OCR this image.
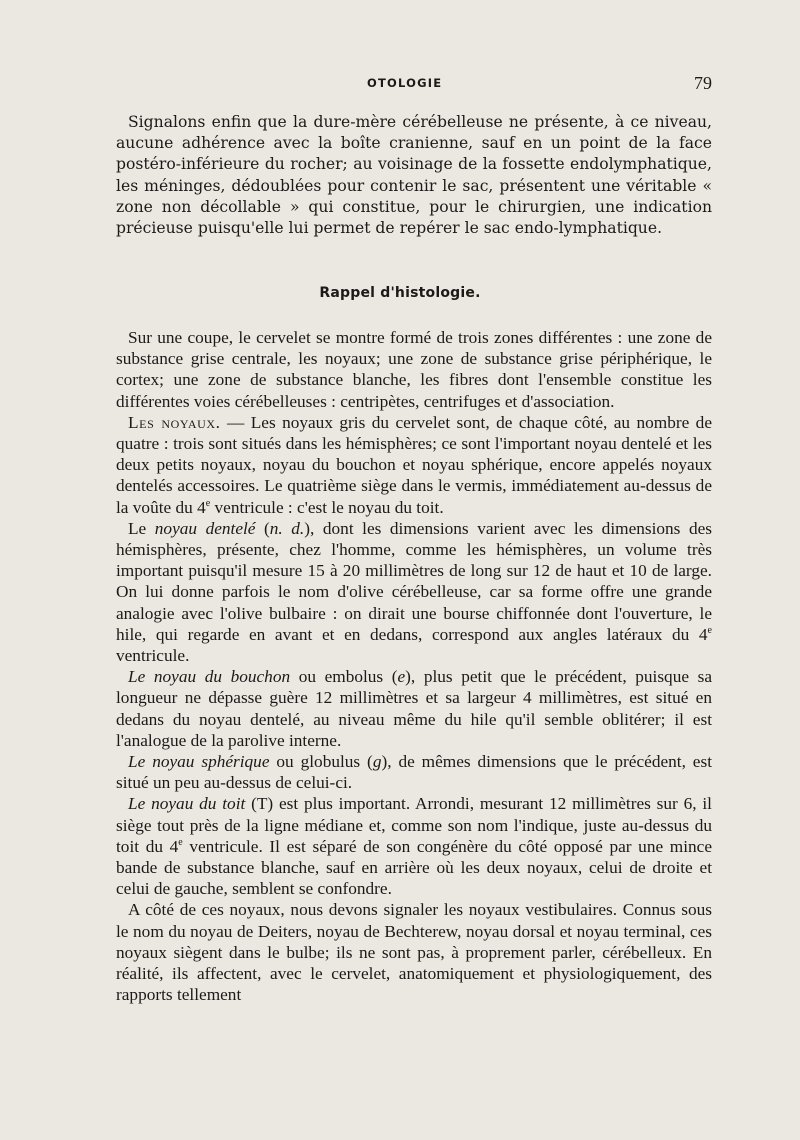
OTOLOGIE	79

Signalons enfin que la dure-mère cérébelleuse ne présente, à ce niveau, aucune adhérence avec la boîte cranienne, sauf en un point de la face postéro-inférieure du rocher; au voisinage de la fossette endolymphatique, les méninges, dédoublées pour contenir le sac, présentent une véritable « zone non décollable » qui constitue, pour le chirurgien, une indication précieuse puisqu'elle lui permet de repérer le sac endo-lymphatique.

Rappel d'histologie.

Sur une coupe, le cervelet se montre formé de trois zones différentes : une zone de substance grise centrale, les noyaux; une zone de substance grise périphérique, le cortex; une zone de substance blanche, les fibres dont l'ensemble constitue les différentes voies cérébelleuses : centripètes, centrifuges et d'association.

Les noyaux. — Les noyaux gris du cervelet sont, de chaque côté, au nombre de quatre : trois sont situés dans les hémisphères; ce sont l'important noyau dentelé et les deux petits noyaux, noyau du bouchon et noyau sphérique, encore appelés noyaux dentelés accessoires. Le quatrième siège dans le vermis, immédiatement au-dessus de la voûte du 4e ventricule : c'est le noyau du toit.

Le noyau dentelé (n. d.), dont les dimensions varient avec les dimensions des hémisphères, présente, chez l'homme, comme les hémisphères, un volume très important puisqu'il mesure 15 à 20 millimètres de long sur 12 de haut et 10 de large. On lui donne parfois le nom d'olive cérébelleuse, car sa forme offre une grande analogie avec l'olive bulbaire : on dirait une bourse chiffonnée dont l'ouverture, le hile, qui regarde en avant et en dedans, correspond aux angles latéraux du 4e ventricule.

Le noyau du bouchon ou embolus (e), plus petit que le précédent, puisque sa longueur ne dépasse guère 12 millimètres et sa largeur 4 millimètres, est situé en dedans du noyau dentelé, au niveau même du hile qu'il semble oblitérer; il est l'analogue de la parolive interne.

Le noyau sphérique ou globulus (g), de mêmes dimensions que le précédent, est situé un peu au-dessus de celui-ci.

Le noyau du toit (T) est plus important. Arrondi, mesurant 12 millimètres sur 6, il siège tout près de la ligne médiane et, comme son nom l'indique, juste au-dessus du toit du 4e ventricule. Il est séparé de son congénère du côté opposé par une mince bande de substance blanche, sauf en arrière où les deux noyaux, celui de droite et celui de gauche, semblent se confondre.

A côté de ces noyaux, nous devons signaler les noyaux vestibulaires. Connus sous le nom du noyau de Deiters, noyau de Bechterew, noyau dorsal et noyau terminal, ces noyaux siègent dans le bulbe; ils ne sont pas, à proprement parler, cérébelleux. En réalité, ils affectent, avec le cervelet, anatomiquement et physiologiquement, des rapports tellement
